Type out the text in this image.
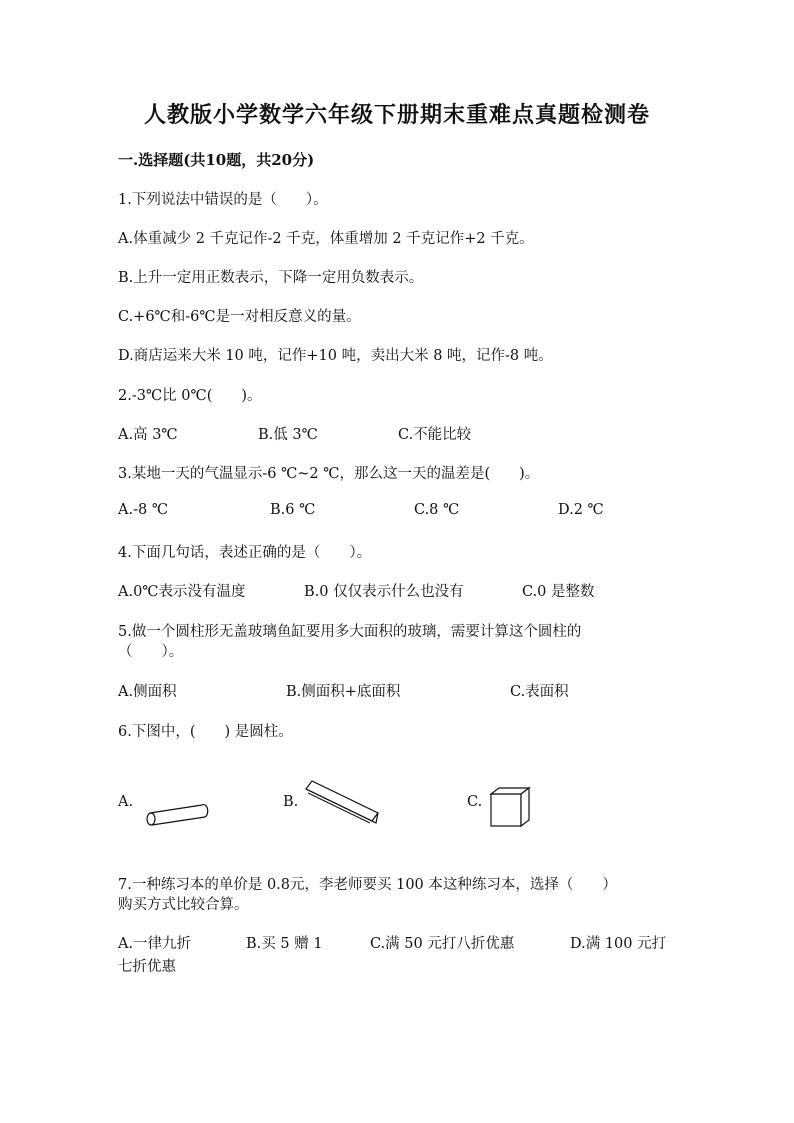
人教版小学数学六年级下册期末重难点真题检测卷
一.选择题(共10题，共20分)
1.下列说法中错误的是（　　）。
A.体重减少 2 千克记作-2 千克，体重增加 2 千克记作+2 千克。
B.上升一定用正数表示，下降一定用负数表示。
C.+6℃和-6℃是一对相反意义的量。
D.商店运来大米 10 吨，记作+10 吨，卖出大米 8 吨，记作-8 吨。
2.-3℃比 0℃(　　)。
A.高 3℃	B.低 3℃	C.不能比较
3.某地一天的气温显示-6 ℃~2 ℃，那么这一天的温差是(　　)。
A.-8 ℃	B.6 ℃	C.8 ℃	D.2 ℃
4.下面几句话，表述正确的是（　　）。
A.0℃表示没有温度	B.0 仅仅表示什么也没有	C.0 是整数
5.做一个圆柱形无盖玻璃鱼缸要用多大面积的玻璃，需要计算这个圆柱的
（　　）。
A.侧面积	B.侧面积+底面积	C.表面积
6.下图中，(　　) 是圆柱。
A.	B.	C.
7.一种练习本的单价是 0.8元，李老师要买 100 本这种练习本，选择（　　）
购买方式比较合算。
A.一律九折	B.买 5 赠 1	C.满 50 元打八折优惠	D.满 100 元打
七折优惠
